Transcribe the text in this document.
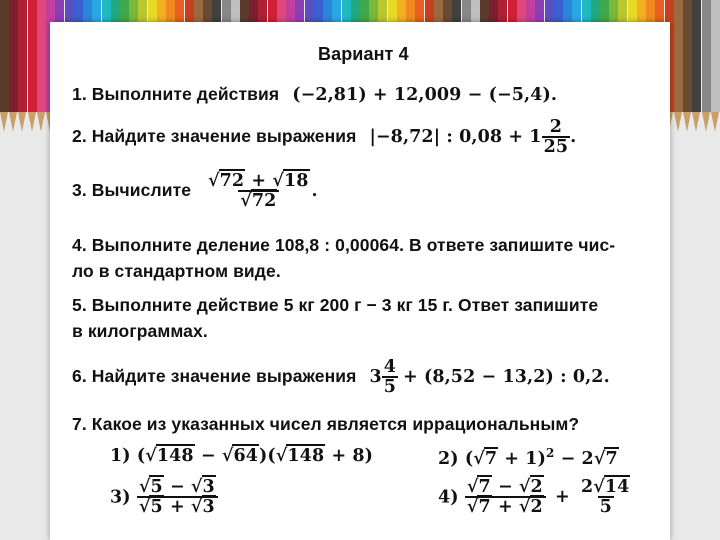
Вариант 4
1. Выполните действия (−2,81) + 12,009 − (−5,4).
2. Найдите значение выражения |−8,72| : $0,08 + 1 \frac{2}{25}$ .
3. Вычислите $\frac{√72 + √18}{√72}$ .
4. Выполните деление 108,8 : 0,00064. В ответе запишите чис-
ло в стандартном виде.
5. Выполните действие 5 кг 200 г − 3 кг 15 г. Ответ запишите
в килограммах.
6. Найдите значение выражения $3 \frac{4}{5} + (8,52 - 13,2)$ : 0,2.
7. Какое из указанных чисел является иррациональным?
1) (√148 − √64)(√148 + 8)	2) $(√7 + 1)^2 - 2√7$
$3) \frac{√5 - √3}{√5 + √3}$	$4) \frac{√7 - √2}{√7 + √2} + \frac{2√14}{5}$
